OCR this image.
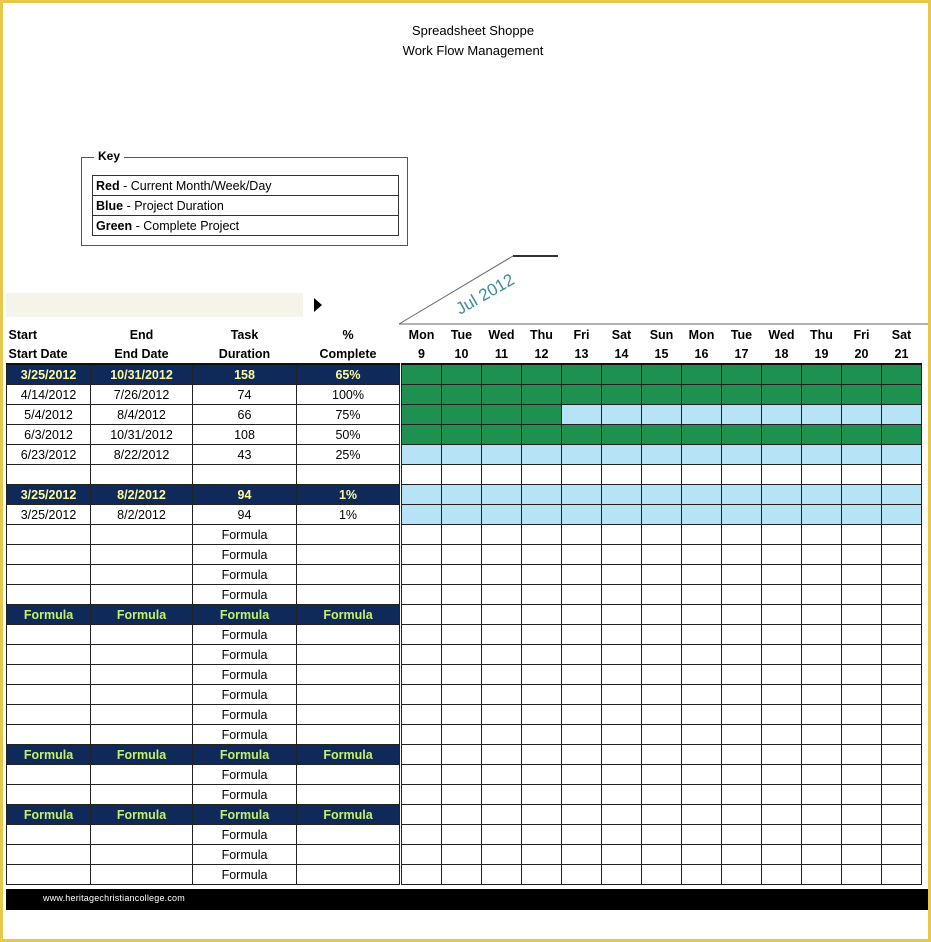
Spreadsheet Shoppe
Work Flow Management
Key
Red - Current Month/Week/Day
Blue - Project Duration
Green - Complete Project
Jul 2012
Start	End	Task	%		Mon	Tue	Wed	Thu	Fri	Sat	Sun	Mon	Tue	Wed	Thu	Fri	Sat
Start Date	End Date	Duration	Complete		9	10	11	12	13	14	15	16	17	18	19	20	21
3/25/2012	10/31/2012	158	65%														
4/14/2012	7/26/2012	74	100%														
5/4/2012	8/4/2012	66	75%														
6/3/2012	10/31/2012	108	50%														
6/23/2012	8/22/2012	43	25%														

3/25/2012	8/2/2012	94	1%														
3/25/2012	8/2/2012	94	1%														
		Formula															
		Formula															
		Formula															
		Formula															
Formula	Formula	Formula	Formula														
		Formula															
		Formula															
		Formula															
		Formula															
		Formula															
		Formula															
Formula	Formula	Formula	Formula														
		Formula															
		Formula															
Formula	Formula	Formula	Formula														
		Formula															
		Formula															
		Formula															
www.heritagechristiancollege.com
